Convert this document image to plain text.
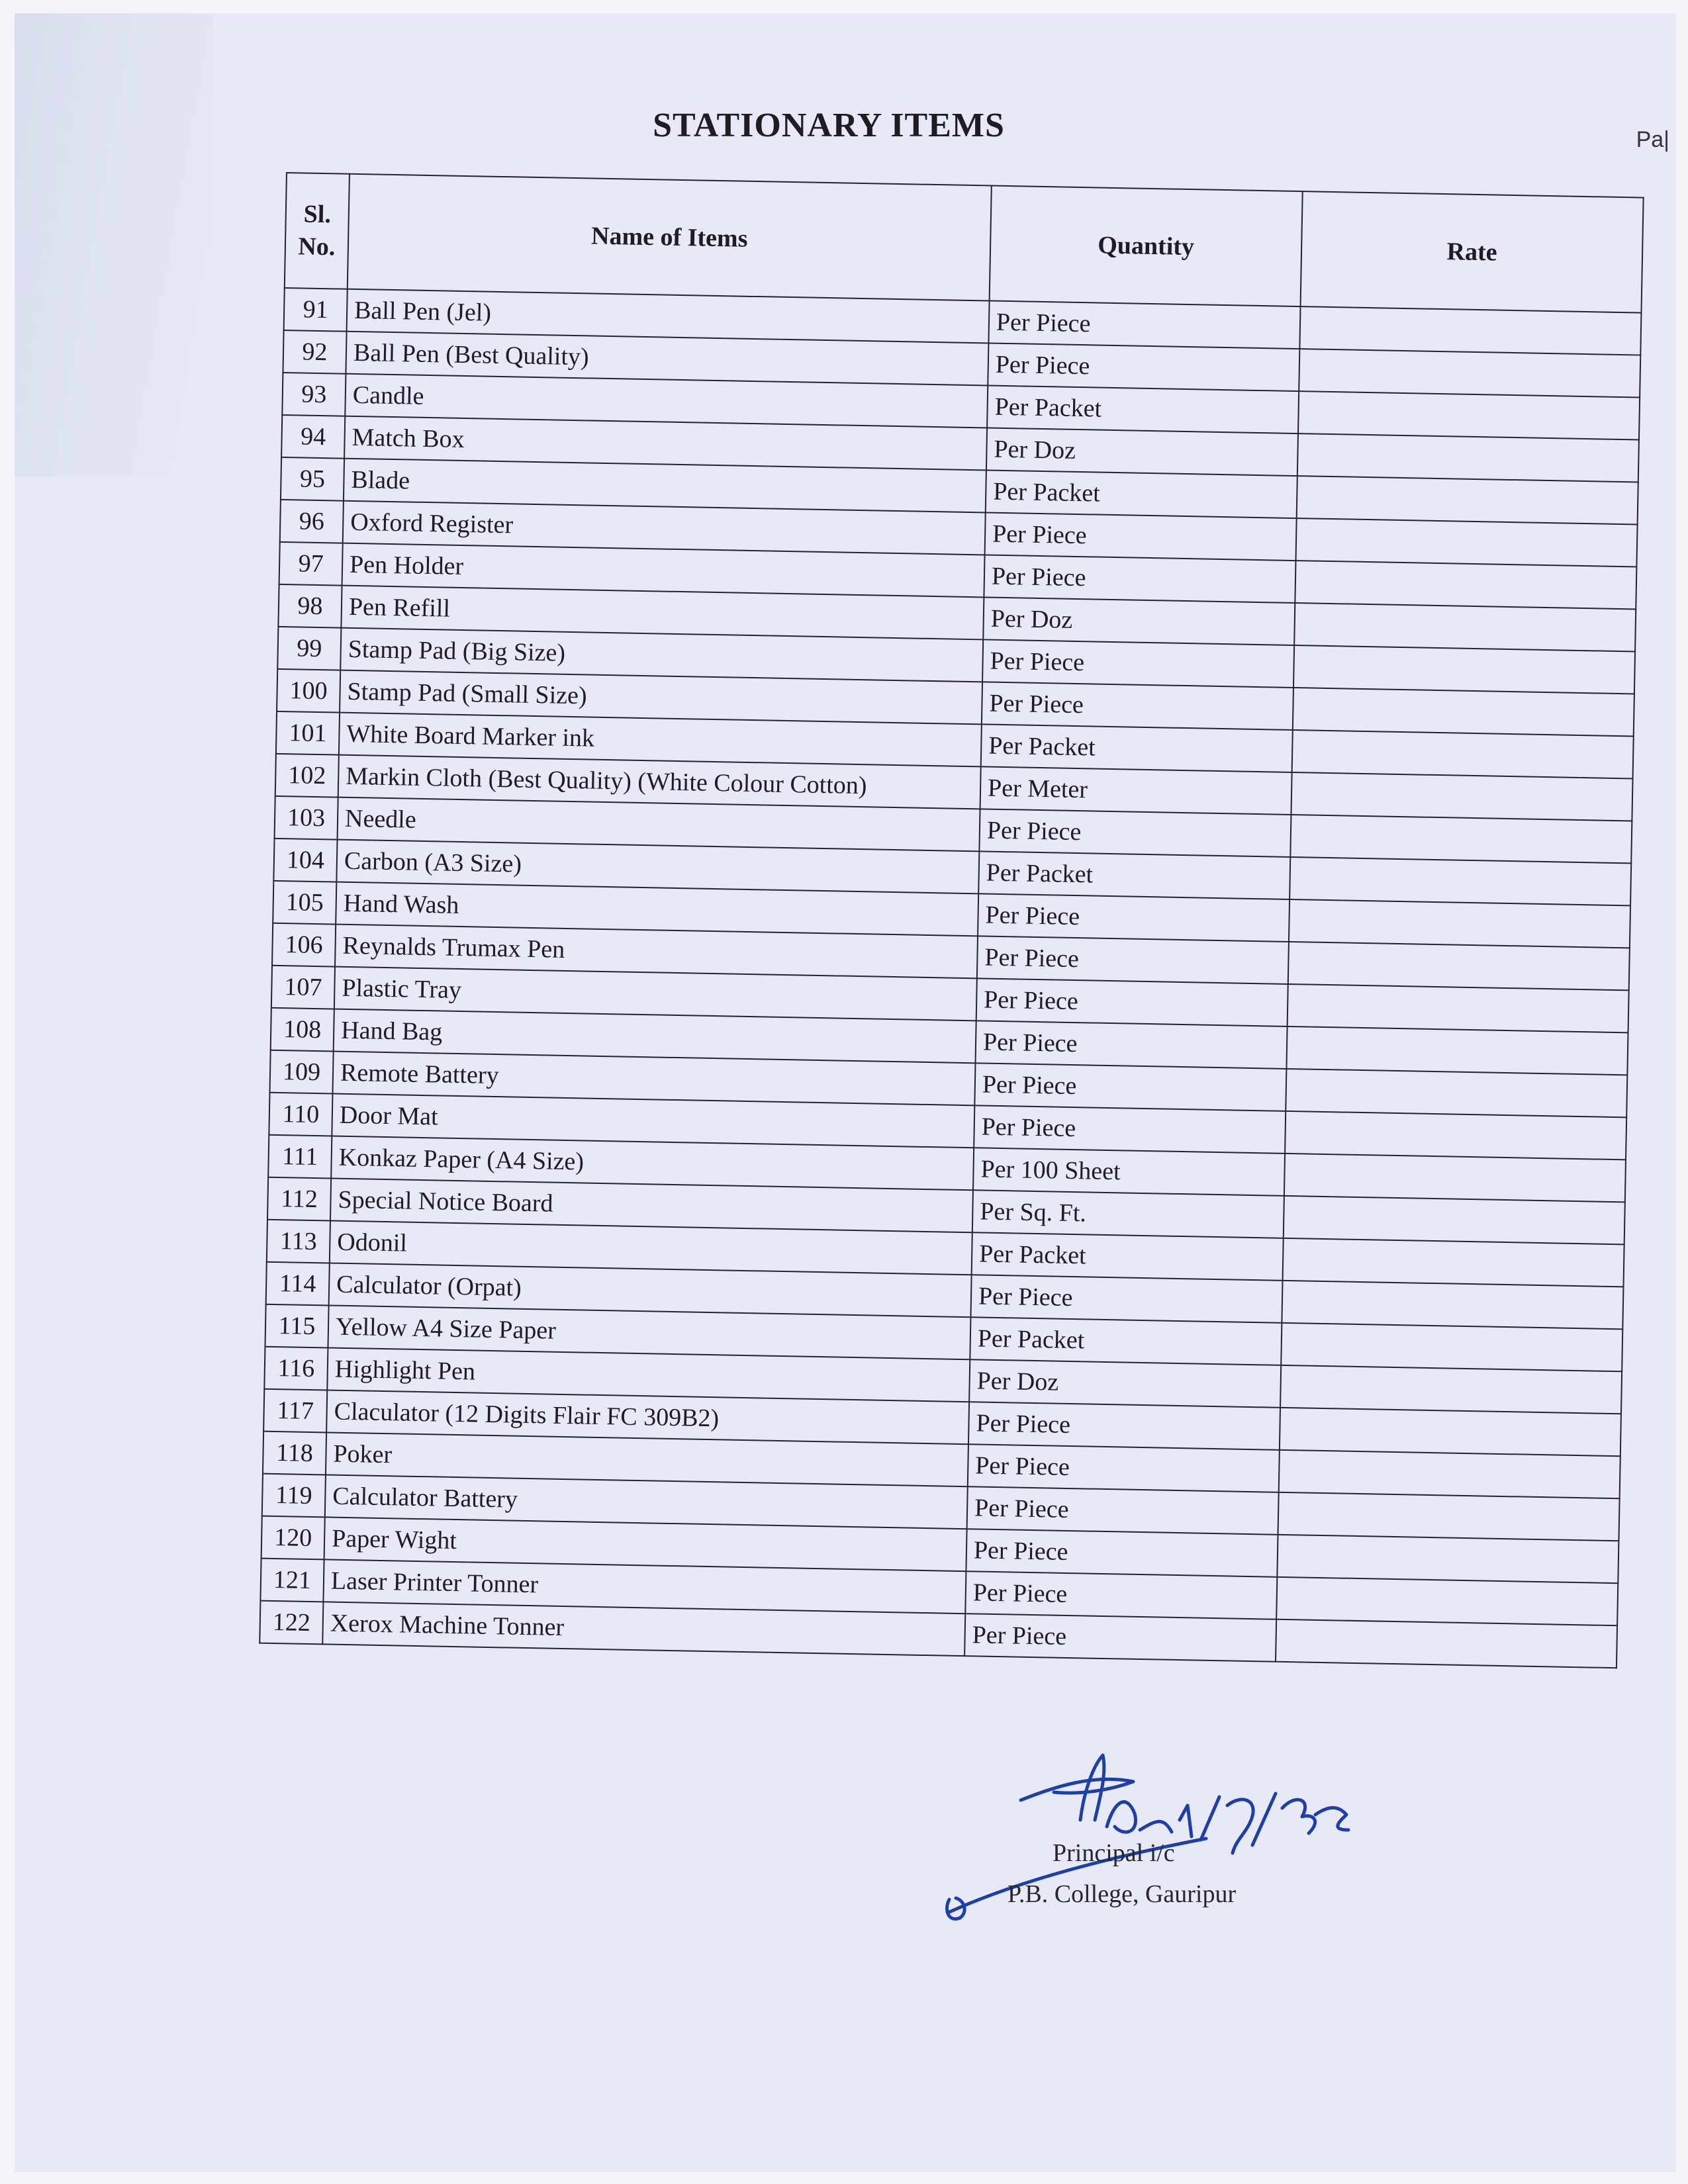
STATIONARY ITEMS	Pa|
Sl.
No.	Name of Items	Quantity	Rate
91	Ball Pen (Jel)	Per Piece	
92	Ball Pen (Best Quality)	Per Piece	
93	Candle	Per Packet	
94	Match Box	Per Doz	
95	Blade	Per Packet	
96	Oxford Register	Per Piece	
97	Pen Holder	Per Piece	
98	Pen Refill	Per Doz	
99	Stamp Pad (Big Size)	Per Piece	
100	Stamp Pad (Small Size)	Per Piece	
101	White Board Marker ink	Per Packet	
102	Markin Cloth (Best Quality) (White Colour Cotton)	Per Meter	
103	Needle	Per Piece	
104	Carbon (A3 Size)	Per Packet	
105	Hand Wash	Per Piece	
106	Reynalds Trumax Pen	Per Piece	
107	Plastic Tray	Per Piece	
108	Hand Bag	Per Piece	
109	Remote Battery	Per Piece	
110	Door Mat	Per Piece	
111	Konkaz Paper (A4 Size)	Per 100 Sheet	
112	Special Notice Board	Per Sq. Ft.	
113	Odonil	Per Packet	
114	Calculator (Orpat)	Per Piece	
115	Yellow A4 Size Paper	Per Packet	
116	Highlight Pen	Per Doz	
117	Claculator (12 Digits Flair FC 309B2)	Per Piece	
118	Poker	Per Piece	
119	Calculator Battery	Per Piece	
120	Paper Wight	Per Piece	
121	Laser Printer Tonner	Per Piece	
122	Xerox Machine Tonner	Per Piece	
Principal i/c
P.B. College, Gauripur
